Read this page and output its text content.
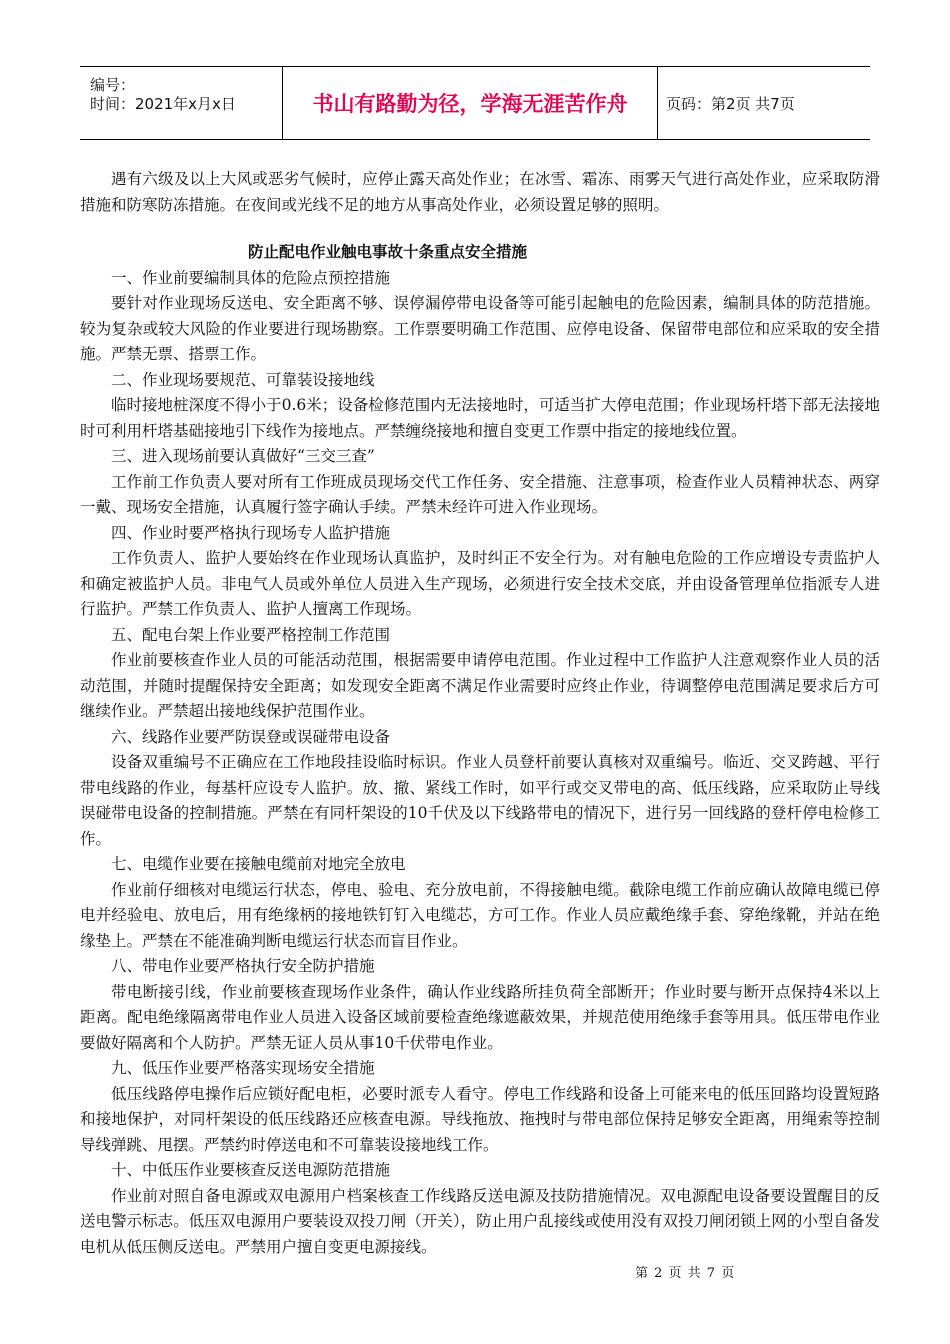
编号：
时间：2021年x月x日	书山有路勤为径，学海无涯苦作舟	页码：第2页 共7页

遇有六级及以上大风或恶劣气候时，应停止露天高处作业；在冰雪、霜冻、雨雾天气进行高处作业，应采取防滑措施和防寒防冻措施。在夜间或光线不足的地方从事高处作业，必须设置足够的照明。

防止配电作业触电事故十条重点安全措施

一、作业前要编制具体的危险点预控措施

要针对作业现场反送电、安全距离不够、误停漏停带电设备等可能引起触电的危险因素，编制具体的防范措施。较为复杂或较大风险的作业要进行现场勘察。工作票要明确工作范围、应停电设备、保留带电部位和应采取的安全措施。严禁无票、搭票工作。

二、作业现场要规范、可靠装设接地线

临时接地桩深度不得小于0.6米；设备检修范围内无法接地时，可适当扩大停电范围；作业现场杆塔下部无法接地时可利用杆塔基础接地引下线作为接地点。严禁缠绕接地和擅自变更工作票中指定的接地线位置。

三、进入现场前要认真做好“三交三查”

工作前工作负责人要对所有工作班成员现场交代工作任务、安全措施、注意事项，检查作业人员精神状态、两穿一戴、现场安全措施，认真履行签字确认手续。严禁未经许可进入作业现场。

四、作业时要严格执行现场专人监护措施

工作负责人、监护人要始终在作业现场认真监护，及时纠正不安全行为。对有触电危险的工作应增设专责监护人和确定被监护人员。非电气人员或外单位人员进入生产现场，必须进行安全技术交底，并由设备管理单位指派专人进行监护。严禁工作负责人、监护人擅离工作现场。

五、配电台架上作业要严格控制工作范围

作业前要核查作业人员的可能活动范围，根据需要申请停电范围。作业过程中工作监护人注意观察作业人员的活动范围，并随时提醒保持安全距离；如发现安全距离不满足作业需要时应终止作业，待调整停电范围满足要求后方可继续作业。严禁超出接地线保护范围作业。

六、线路作业要严防误登或误碰带电设备

设备双重编号不正确应在工作地段挂设临时标识。作业人员登杆前要认真核对双重编号。临近、交叉跨越、平行带电线路的作业，每基杆应设专人监护。放、撤、紧线工作时，如平行或交叉带电的高、低压线路，应采取防止导线误碰带电设备的控制措施。严禁在有同杆架设的10千伏及以下线路带电的情况下，进行另一回线路的登杆停电检修工作。

七、电缆作业要在接触电缆前对地完全放电

作业前仔细核对电缆运行状态，停电、验电、充分放电前，不得接触电缆。截除电缆工作前应确认故障电缆已停电并经验电、放电后，用有绝缘柄的接地铁钉钉入电缆芯，方可工作。作业人员应戴绝缘手套、穿绝缘靴，并站在绝缘垫上。严禁在不能准确判断电缆运行状态而盲目作业。

八、带电作业要严格执行安全防护措施

带电断接引线，作业前要核查现场作业条件，确认作业线路所挂负荷全部断开；作业时要与断开点保持4米以上距离。配电绝缘隔离带电作业人员进入设备区域前要检查绝缘遮蔽效果，并规范使用绝缘手套等用具。低压带电作业要做好隔离和个人防护。严禁无证人员从事10千伏带电作业。

九、低压作业要严格落实现场安全措施

低压线路停电操作后应锁好配电柜，必要时派专人看守。停电工作线路和设备上可能来电的低压回路均设置短路和接地保护，对同杆架设的低压线路还应核查电源。导线拖放、拖拽时与带电部位保持足够安全距离，用绳索等控制导线弹跳、甩摆。严禁约时停送电和不可靠装设接地线工作。

十、中低压作业要核查反送电源防范措施

作业前对照自备电源或双电源用户档案核查工作线路反送电源及技防措施情况。双电源配电设备要设置醒目的反送电警示标志。低压双电源用户要装设双投刀闸（开关），防止用户乱接线或使用没有双投刀闸闭锁上网的小型自备发电机从低压侧反送电。严禁用户擅自变更电源接线。

第 2 页 共 7 页
